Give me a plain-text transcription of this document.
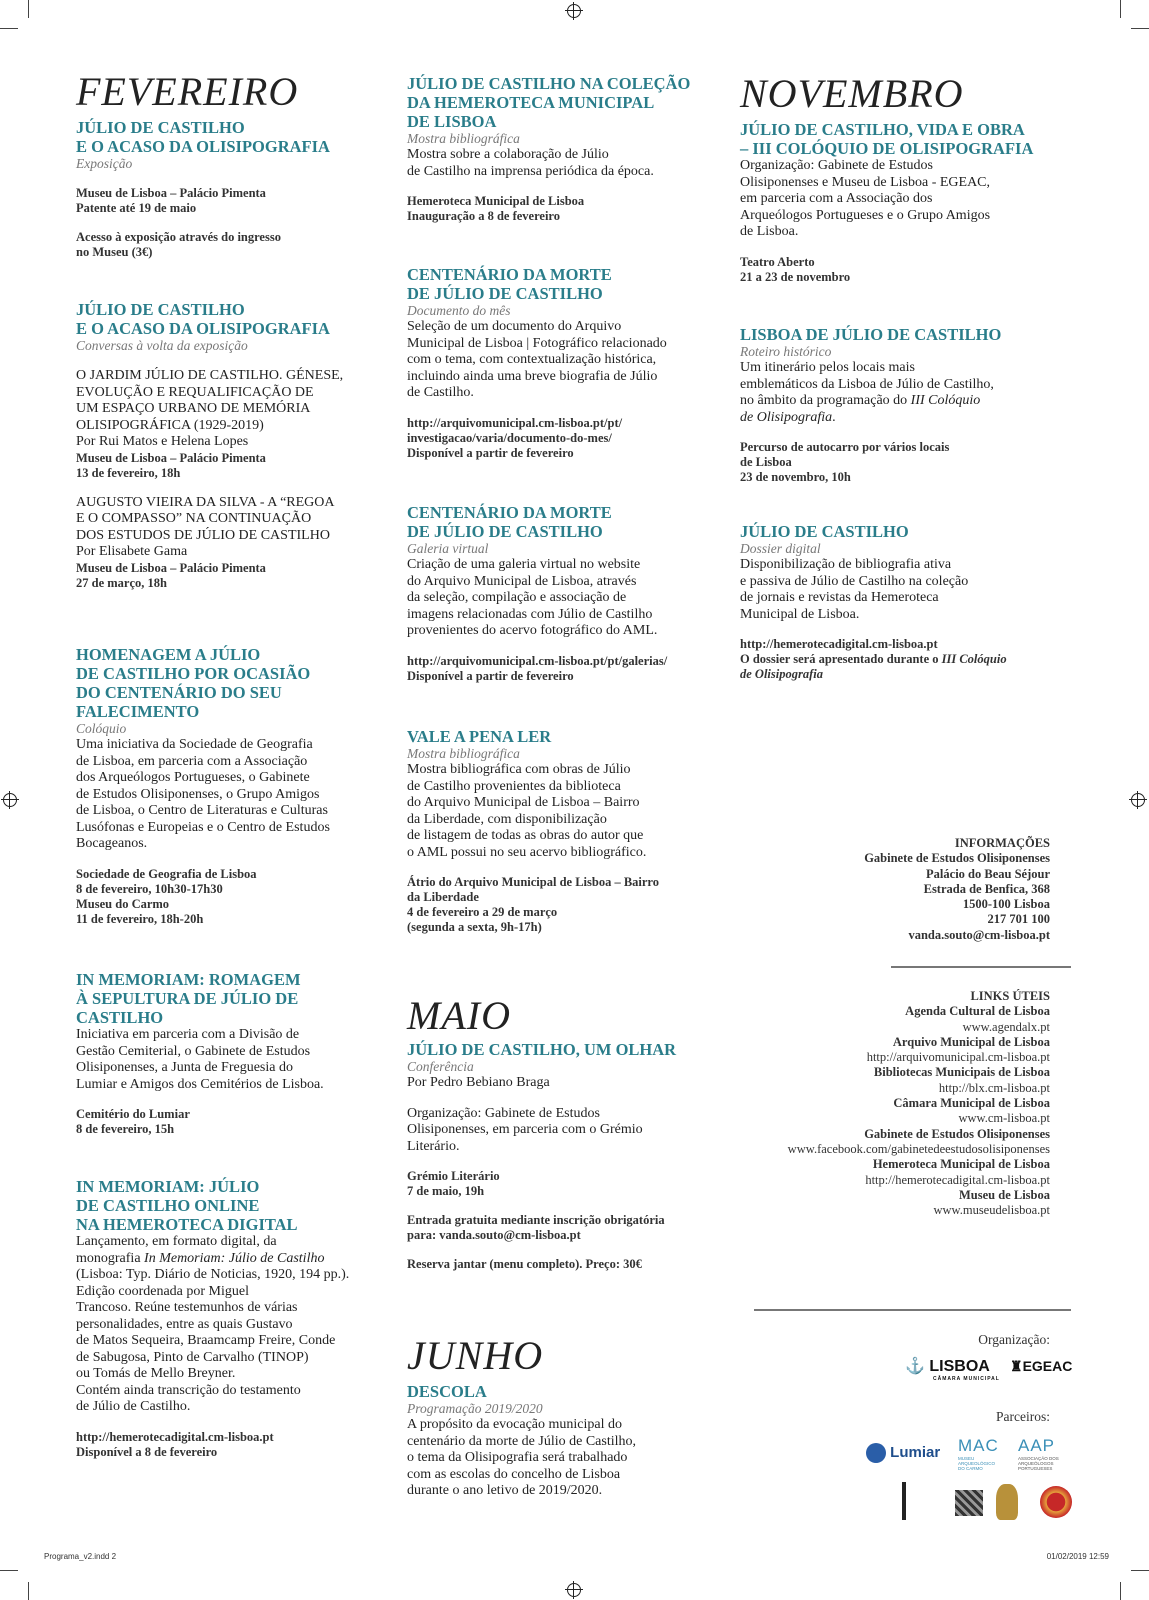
FEVEREIRO	NOVEMBRO
MAIO
JUNHO
JÚLIO DE CASTILHO
E O ACASO DA OLISIPOGRAFIA
Exposição
Museu de Lisboa – Palácio Pimenta
Patente até 19 de maio
Acesso à exposição através do ingresso
no Museu (3€)
JÚLIO DE CASTILHO
E O ACASO DA OLISIPOGRAFIA
Conversas à volta da exposição
O JARDIM JÚLIO DE CASTILHO. GÉNESE,
EVOLUÇÃO E REQUALIFICAÇÃO DE
UM ESPAÇO URBANO DE MEMÓRIA
OLISIPOGRÁFICA (1929-2019)
Por Rui Matos e Helena Lopes
Museu de Lisboa – Palácio Pimenta
13 de fevereiro, 18h
AUGUSTO VIEIRA DA SILVA - A “REGOA
E O COMPASSO” NA CONTINUAÇÃO
DOS ESTUDOS DE JÚLIO DE CASTILHO
Por Elisabete Gama
Museu de Lisboa – Palácio Pimenta
27 de março, 18h
HOMENAGEM A JÚLIO
DE CASTILHO POR OCASIÃO
DO CENTENÁRIO DO SEU
FALECIMENTO
Colóquio
Uma iniciativa da Sociedade de Geografia
de Lisboa, em parceria com a Associação
dos Arqueólogos Portugueses, o Gabinete
de Estudos Olisiponenses, o Grupo Amigos
de Lisboa, o Centro de Literaturas e Culturas
Lusófonas e Europeias e o Centro de Estudos
Bocageanos.
Sociedade de Geografia de Lisboa
8 de fevereiro, 10h30-17h30
Museu do Carmo
11 de fevereiro, 18h-20h
IN MEMORIAM: ROMAGEM
À SEPULTURA DE JÚLIO DE
CASTILHO
Iniciativa em parceria com a Divisão de
Gestão Cemiterial, o Gabinete de Estudos
Olisiponenses, a Junta de Freguesia do
Lumiar e Amigos dos Cemitérios de Lisboa.
Cemitério do Lumiar
8 de fevereiro, 15h
IN MEMORIAM: JÚLIO
DE CASTILHO ONLINE
NA HEMEROTECA DIGITAL
Lançamento, em formato digital, da
monografia In Memoriam: Júlio de Castilho
(Lisboa: Typ. Diário de Noticias, 1920, 194 pp.).
Edição coordenada por Miguel
Trancoso. Reúne testemunhos de várias
personalidades, entre as quais Gustavo
de Matos Sequeira, Braamcamp Freire, Conde
de Sabugosa, Pinto de Carvalho (TINOP)
ou Tomás de Mello Breyner.
Contém ainda transcrição do testamento
de Júlio de Castilho.
http://hemerotecadigital.cm-lisboa.pt
Disponível a 8 de fevereiro
JÚLIO DE CASTILHO NA COLEÇÃO
DA HEMEROTECA MUNICIPAL
DE LISBOA
Mostra bibliográfica
Mostra sobre a colaboração de Júlio
de Castilho na imprensa periódica da época.
Hemeroteca Municipal de Lisboa
Inauguração a 8 de fevereiro
CENTENÁRIO DA MORTE
DE JÚLIO DE CASTILHO
Documento do mês
Seleção de um documento do Arquivo
Municipal de Lisboa | Fotográfico relacionado
com o tema, com contextualização histórica,
incluindo ainda uma breve biografia de Júlio
de Castilho.
http://arquivomunicipal.cm-lisboa.pt/pt/
investigacao/varia/documento-do-mes/
Disponível a partir de fevereiro
CENTENÁRIO DA MORTE
DE JÚLIO DE CASTILHO
Galeria virtual
Criação de uma galeria virtual no website
do Arquivo Municipal de Lisboa, através
da seleção, compilação e associação de
imagens relacionadas com Júlio de Castilho
provenientes do acervo fotográfico do AML.
http://arquivomunicipal.cm-lisboa.pt/pt/galerias/
Disponível a partir de fevereiro
VALE A PENA LER
Mostra bibliográfica
Mostra bibliográfica com obras de Júlio
de Castilho provenientes da biblioteca
do Arquivo Municipal de Lisboa – Bairro
da Liberdade, com disponibilização
de listagem de todas as obras do autor que
o AML possui no seu acervo bibliográfico.
Átrio do Arquivo Municipal de Lisboa – Bairro
da Liberdade
4 de fevereiro a 29 de março
(segunda a sexta, 9h-17h)
JÚLIO DE CASTILHO, UM OLHAR
Conferência
Por Pedro Bebiano Braga
Organização: Gabinete de Estudos
Olisiponenses, em parceria com o Grémio
Literário.
Grémio Literário
7 de maio, 19h
Entrada gratuita mediante inscrição obrigatória
para: vanda.souto@cm-lisboa.pt
Reserva jantar (menu completo). Preço: 30€
DESCOLA
Programação 2019/2020
A propósito da evocação municipal do
centenário da morte de Júlio de Castilho,
o tema da Olisipografia será trabalhado
com as escolas do concelho de Lisboa
durante o ano letivo de 2019/2020.
JÚLIO DE CASTILHO, VIDA E OBRA
– III COLÓQUIO DE OLISIPOGRAFIA
Organização: Gabinete de Estudos
Olisiponenses e Museu de Lisboa - EGEAC,
em parceria com a Associação dos
Arqueólogos Portugueses e o Grupo Amigos
de Lisboa.
Teatro Aberto
21 a 23 de novembro
LISBOA DE JÚLIO DE CASTILHO
Roteiro histórico
Um itinerário pelos locais mais
emblemáticos da Lisboa de Júlio de Castilho,
no âmbito da programação do III Colóquio
de Olisipografia.
Percurso de autocarro por vários locais
de Lisboa
23 de novembro, 10h
JÚLIO DE CASTILHO
Dossier digital
Disponibilização de bibliografia ativa
e passiva de Júlio de Castilho na coleção
de jornais e revistas da Hemeroteca
Municipal de Lisboa.
http://hemerotecadigital.cm-lisboa.pt
O dossier será apresentado durante o III Colóquio
de Olisipografia
INFORMAÇÕES
Gabinete de Estudos Olisiponenses
Palácio do Beau Séjour
Estrada de Benfica, 368
1500-100 Lisboa
217 701 100
vanda.souto@cm-lisboa.pt
LINKS ÚTEIS
Agenda Cultural de Lisboa
www.agendalx.pt
Arquivo Municipal de Lisboa
http://arquivomunicipal.cm-lisboa.pt
Bibliotecas Municipais de Lisboa
http://blx.cm-lisboa.pt
Câmara Municipal de Lisboa
www.cm-lisboa.pt
Gabinete de Estudos Olisiponenses
www.facebook.com/gabinetedeestudosolisiponenses
Hemeroteca Municipal de Lisboa
http://hemerotecadigital.cm-lisboa.pt
Museu de Lisboa
www.museudelisboa.pt
Organização:
⚓ LISBOA
CÂMARA MUNICIPAL
♜EGEAC
Parceiros:
Lumiar MAC
MUSEU ARQUEOLÓGICO DO CARMO
AAP
ASSOCIAÇÃO DOS ARQUEÓLOGOS PORTUGUESES
Programa_v2.indd 2	01/02/2019 12:59
